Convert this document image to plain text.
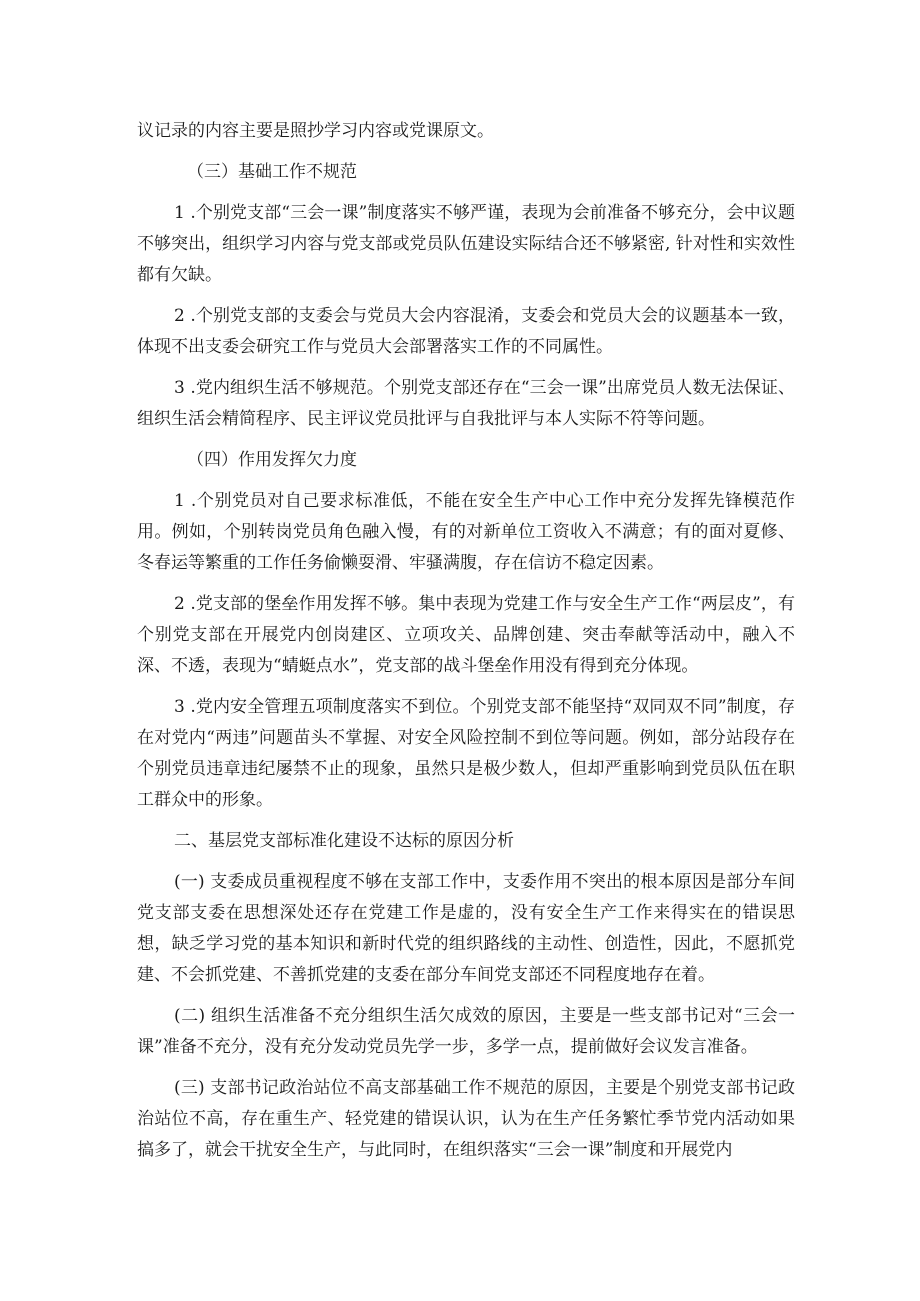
议记录的内容主要是照抄学习内容或党课原文。

（三）基础工作不规范

1 .个别党支部“三会一课”制度落实不够严谨，表现为会前准备不够充分，会中议题不够突出，组织学习内容与党支部或党员队伍建设实际结合还不够紧密, 针对性和实效性都有欠缺。

2 .个别党支部的支委会与党员大会内容混淆，支委会和党员大会的议题基本一致，体现不出支委会研究工作与党员大会部署落实工作的不同属性。

3 .党内组织生活不够规范。个别党支部还存在“三会一课”出席党员人数无法保证、组织生活会精简程序、民主评议党员批评与自我批评与本人实际不符等问题。

（四）作用发挥欠力度

1 .个别党员对自己要求标准低，不能在安全生产中心工作中充分发挥先锋模范作用。例如，个别转岗党员角色融入慢，有的对新单位工资收入不满意；有的面对夏修、冬春运等繁重的工作任务偷懒耍滑、牢骚满腹，存在信访不稳定因素。

2 .党支部的堡垒作用发挥不够。集中表现为党建工作与安全生产工作“两层皮”，有个别党支部在开展党内创岗建区、立项攻关、品牌创建、突击奉献等活动中，融入不深、不透，表现为“蜻蜓点水”，党支部的战斗堡垒作用没有得到充分体现。

3 .党内安全管理五项制度落实不到位。个别党支部不能坚持“双同双不同”制度，存在对党内“两违”问题苗头不掌握、对安全风险控制不到位等问题。例如，部分站段存在个别党员违章违纪屡禁不止的现象，虽然只是极少数人，但却严重影响到党员队伍在职工群众中的形象。

二、基层党支部标准化建设不达标的原因分析

(一) 支委成员重视程度不够在支部工作中，支委作用不突出的根本原因是部分车间党支部支委在思想深处还存在党建工作是虚的，没有安全生产工作来得实在的错误思想，缺乏学习党的基本知识和新时代党的组织路线的主动性、创造性，因此，不愿抓党建、不会抓党建、不善抓党建的支委在部分车间党支部还不同程度地存在着。

(二) 组织生活准备不充分组织生活欠成效的原因，主要是一些支部书记对“三会一课”准备不充分，没有充分发动党员先学一步，多学一点，提前做好会议发言准备。

(三) 支部书记政治站位不高支部基础工作不规范的原因，主要是个别党支部书记政治站位不高，存在重生产、轻党建的错误认识，认为在生产任务繁忙季节党内活动如果搞多了，就会干扰安全生产，与此同时，在组织落实“三会一课”制度和开展党内
